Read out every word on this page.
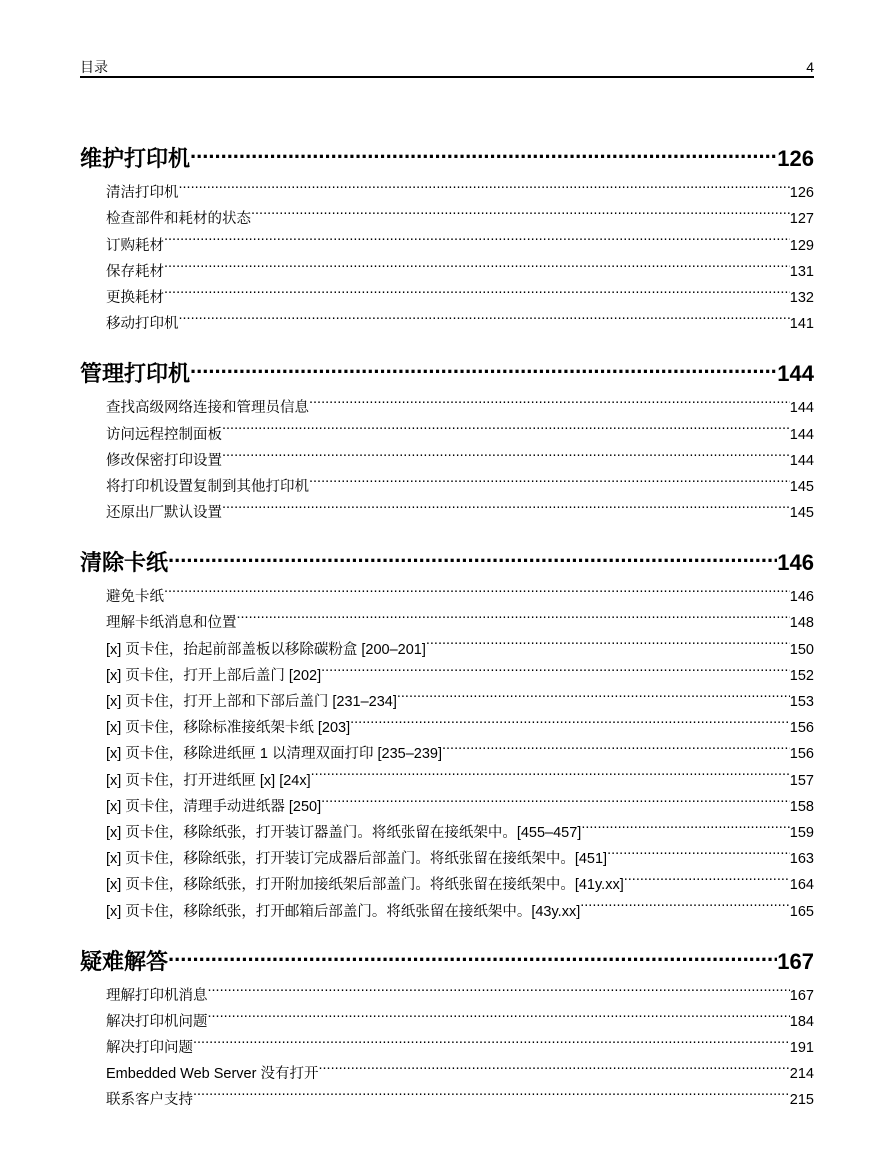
目录	4
维护打印机 .....	126
清洁打印机 .....	126
检查部件和耗材的状态 .....	127
订购耗材 .....	129
保存耗材 .....	131
更换耗材 .....	132
移动打印机 .....	141
管理打印机 .....	144
查找高级网络连接和管理员信息 .....	144
访问远程控制面板 .....	144
修改保密打印设置 .....	144
将打印机设置复制到其他打印机 .....	145
还原出厂默认设置 .....	145
清除卡纸 .....	146
避免卡纸 .....	146
理解卡纸消息和位置 .....	148
[x] 页卡住，抬起前部盖板以移除碳粉盒 [200–201] .....	150
[x] 页卡住，打开上部后盖门 [202] .....	152
[x] 页卡住，打开上部和下部后盖门 [231–234] .....	153
[x] 页卡住，移除标准接纸架卡纸 [203] .....	156
[x] 页卡住，移除进纸匣 1 以清理双面打印 [235–239] .....	156
[x] 页卡住，打开进纸匣 [x] [24x] .....	157
[x] 页卡住，清理手动进纸器 [250] .....	158
[x] 页卡住，移除纸张，打开装订器盖门。将纸张留在接纸架中。[455–457] .....	159
[x] 页卡住，移除纸张，打开装订完成器后部盖门。将纸张留在接纸架中。[451] .....	163
[x] 页卡住，移除纸张，打开附加接纸架后部盖门。将纸张留在接纸架中。[41y.xx] .....	164
[x] 页卡住，移除纸张，打开邮箱后部盖门。将纸张留在接纸架中。[43y.xx] .....	165
疑难解答 .....	167
理解打印机消息 .....	167
解决打印机问题 .....	184
解决打印问题 .....	191
Embedded Web Server 没有打开 .....	214
联系客户支持 .....	215
